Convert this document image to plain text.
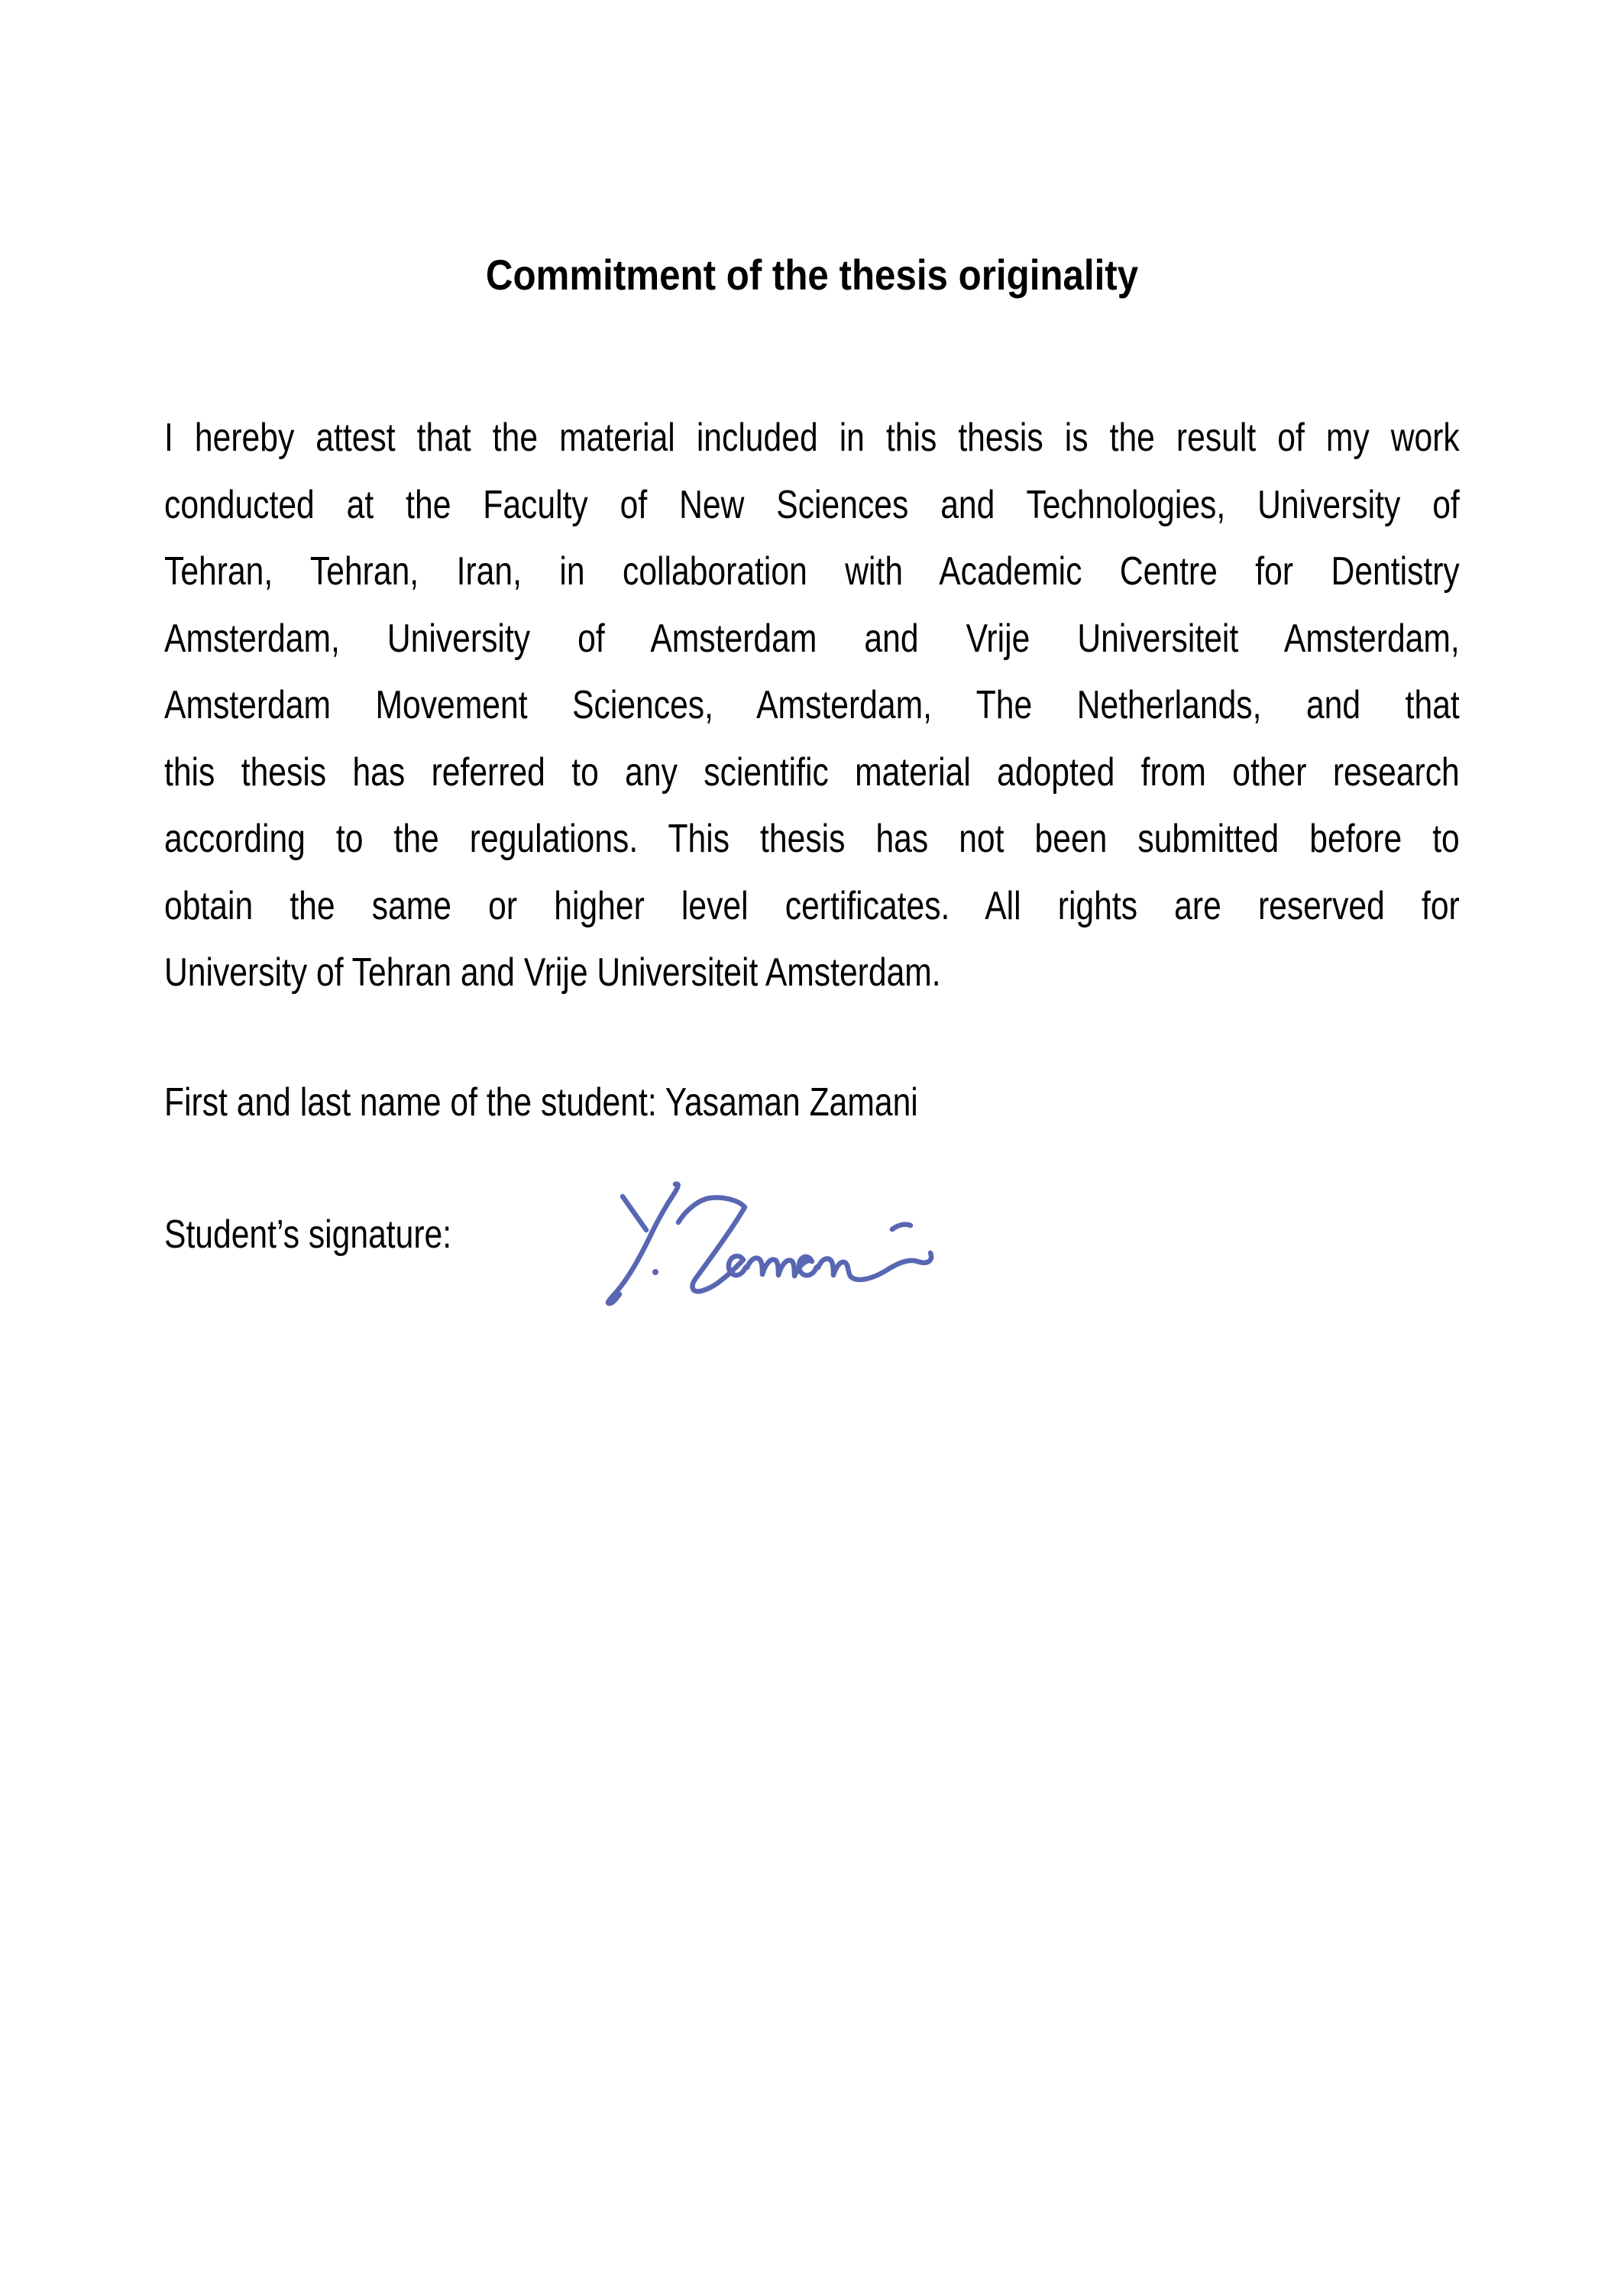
Commitment of the thesis originality
I hereby attest that the material included in this thesis is the result of my work
conducted at the Faculty of New Sciences and Technologies, University of
Tehran, Tehran, Iran, in collaboration with Academic Centre for Dentistry
Amsterdam, University of Amsterdam and Vrije Universiteit Amsterdam,
Amsterdam Movement Sciences, Amsterdam, The Netherlands, and that
this thesis has referred to any scientific material adopted from other research
according to the regulations. This thesis has not been submitted before to
obtain the same or higher level certificates. All rights are reserved for
University of Tehran and Vrije Universiteit Amsterdam.
First and last name of the student: Yasaman Zamani
Student’s signature:
